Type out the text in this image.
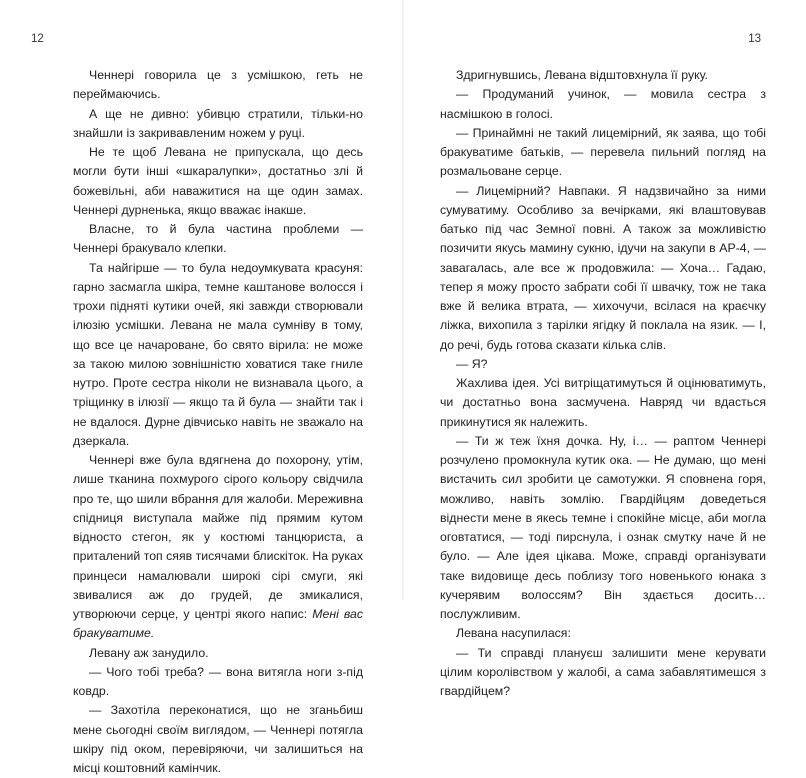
12

Ченнері говорила це з усмішкою, геть не переймаючись.

А ще не дивно: убивцю стратили, тільки-но знайшли із закривавленим ножем у руці.

Не те щоб Левана не припускала, що десь могли бути інші «шкаралупки», достатньо злі й божевільні, аби наважитися на ще один замах. Ченнері дурненька, якщо вважає інакше.

Власне, то й була частина проблеми — Ченнері бракувало клепки.

Та найгірше — то була недоумкувата красуня: гарно засмагла шкіра, темне каштанове волосся і трохи підняті кутики очей, які завжди створювали ілюзію усмішки. Левана не мала сумніву в тому, що все це начароване, бо свято вірила: не може за такою милою зовнішністю ховатися таке гниле нутро. Проте сестра ніколи не визнавала цього, а тріщинку в ілюзії — якщо та й була — знайти так і не вдалося. Дурне дівчисько навіть не зважало на дзеркала.

Ченнері вже була вдягнена до похорону, утім, лише тканина похмурого сірого кольору свідчила про те, що шили вбрання для жалоби. Мереживна спідниця виступала майже під прямим кутом відносто стегон, як у костюмі танцюриста, а приталений топ сяяв тисячами блискіток. На руках принцеси намалювали широкі сірі смуги, які звивалися аж до грудей, де змикалися, утворюючи серце, у центрі якого напис: Мені вас бракуватиме.

Левану аж занудило.

— Чого тобі треба? — вона витягла ноги з-під ковдр.

— Захотіла переконатися, що не зганьбиш мене сьогодні своїм виглядом, — Ченнері потягла шкіру під оком, перевіряючи, чи залишиться на місці коштовний камінчик.

13

Здригнувшись, Левана відштовхнула її руку.

— Продуманий учинок, — мовила сестра з насмішкою в голосі.

— Принаймні не такий лицемірний, як заява, що тобі бракуватиме батьків, — перевела пильний погляд на розмальоване серце.

— Лицемірний? Навпаки. Я надзвичайно за ними сумуватиму. Особливо за вечірками, які влаштовував батько під час Земної повні. А також за можливістю позичити якусь мамину сукню, ідучи на закупи в АР-4, — завагалась, але все ж продовжила: — Хоча… Гадаю, тепер я можу просто забрати собі її швачку, тож не така вже й велика втрата, — хихочучи, всілася на краєчку ліжка, вихопила з тарілки ягідку й поклала на язик. — І, до речі, будь готова сказати кілька слів.

— Я?

Жахлива ідея. Усі витріщатимуться й оцінюватимуть, чи достатньо вона засмучена. Навряд чи вдасться прикинутися як належить.

— Ти ж теж їхня дочка. Ну, і… — раптом Ченнері розчулено промокнула кутик ока. — Не думаю, що мені вистачить сил зробити це самотужки. Я сповнена горя, можливо, навіть зомлію. Гвардійцям доведеться віднести мене в якесь темне і спокійне місце, аби могла оговтатися, — тоді пирснула, і ознак смутку наче й не було. — Але ідея цікава. Може, справді організувати таке видовище десь поблизу того новенького юнака з кучерявим волоссям? Він здається досить… послужливим.

Левана насупилася:

— Ти справді плануєш залишити мене керувати цілим королівством у жалобі, а сама забавлятимешся з гвардійцем?
